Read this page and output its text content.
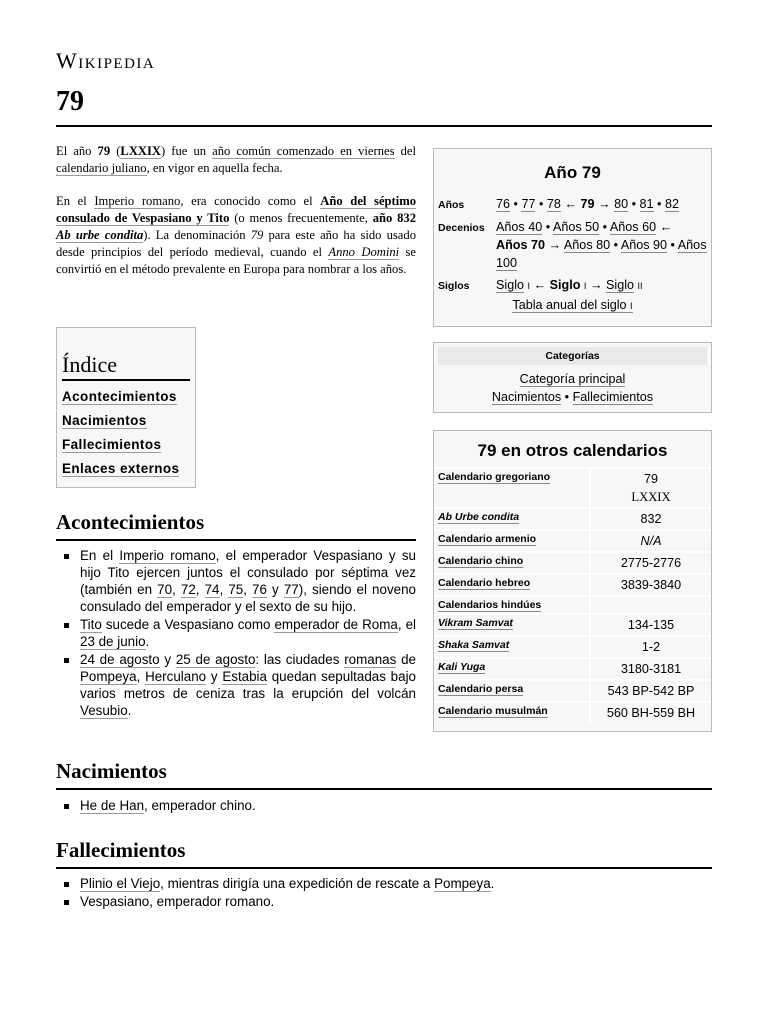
Wikipedia
79

El año 79 (LXXIX) fue un año común comenzado en viernes del calendario juliano, en vigor en aquella fecha.

En el Imperio romano, era conocido como el Año del séptimo consulado de Vespasiano y Tito (o menos frecuentemente, año 832 Ab urbe condita). La denominación 79 para este año ha sido usado desde principios del período medieval, cuando el Anno Domini se convirtió en el método prevalente en Europa para nombrar a los años.

Índice
Acontecimientos
Nacimientos
Fallecimientos
Enlaces externos
Acontecimientos
En el Imperio romano, el emperador Vespasiano y su hijo Tito ejercen juntos el consulado por séptima vez (también en 70, 72, 74, 75, 76 y 77), siendo el noveno consulado del emperador y el sexto de su hijo.
Tito sucede a Vespasiano como emperador de Roma, el 23 de junio.
24 de agosto y 25 de agosto: las ciudades romanas de Pompeya, Herculano y Estabia quedan sepultadas bajo varios metros de ceniza tras la erupción del volcán Vesubio.
Nacimientos
He de Han, emperador chino.
Fallecimientos
Plinio el Viejo, mientras dirigía una expedición de rescate a Pompeya.
Vespasiano, emperador romano.
Año 79
Años	76 • 77 • 78 ← 79 → 80 • 81 • 82
Decenios Años 40 • Años 50 • Años 60 ← Años 70 → Años 80 • Años 90 • Años 100
Siglos	Siglo I ← Siglo I → Siglo II
Tabla anual del siglo I
Categorías
Categoría principal
Nacimientos • Fallecimientos
79 en otros calendarios
Calendario gregoriano	79
LXXIX
Ab Urbe condita	832
Calendario armenio	N/A
Calendario chino	2775-2776
Calendario hebreo	3839-3840
Calendarios hindúes
Vikram Samvat	134-135
Shaka Samvat	1-2
Kali Yuga	3180-3181
Calendario persa	543 BP-542 BP
Calendario musulmán	560 BH-559 BH
